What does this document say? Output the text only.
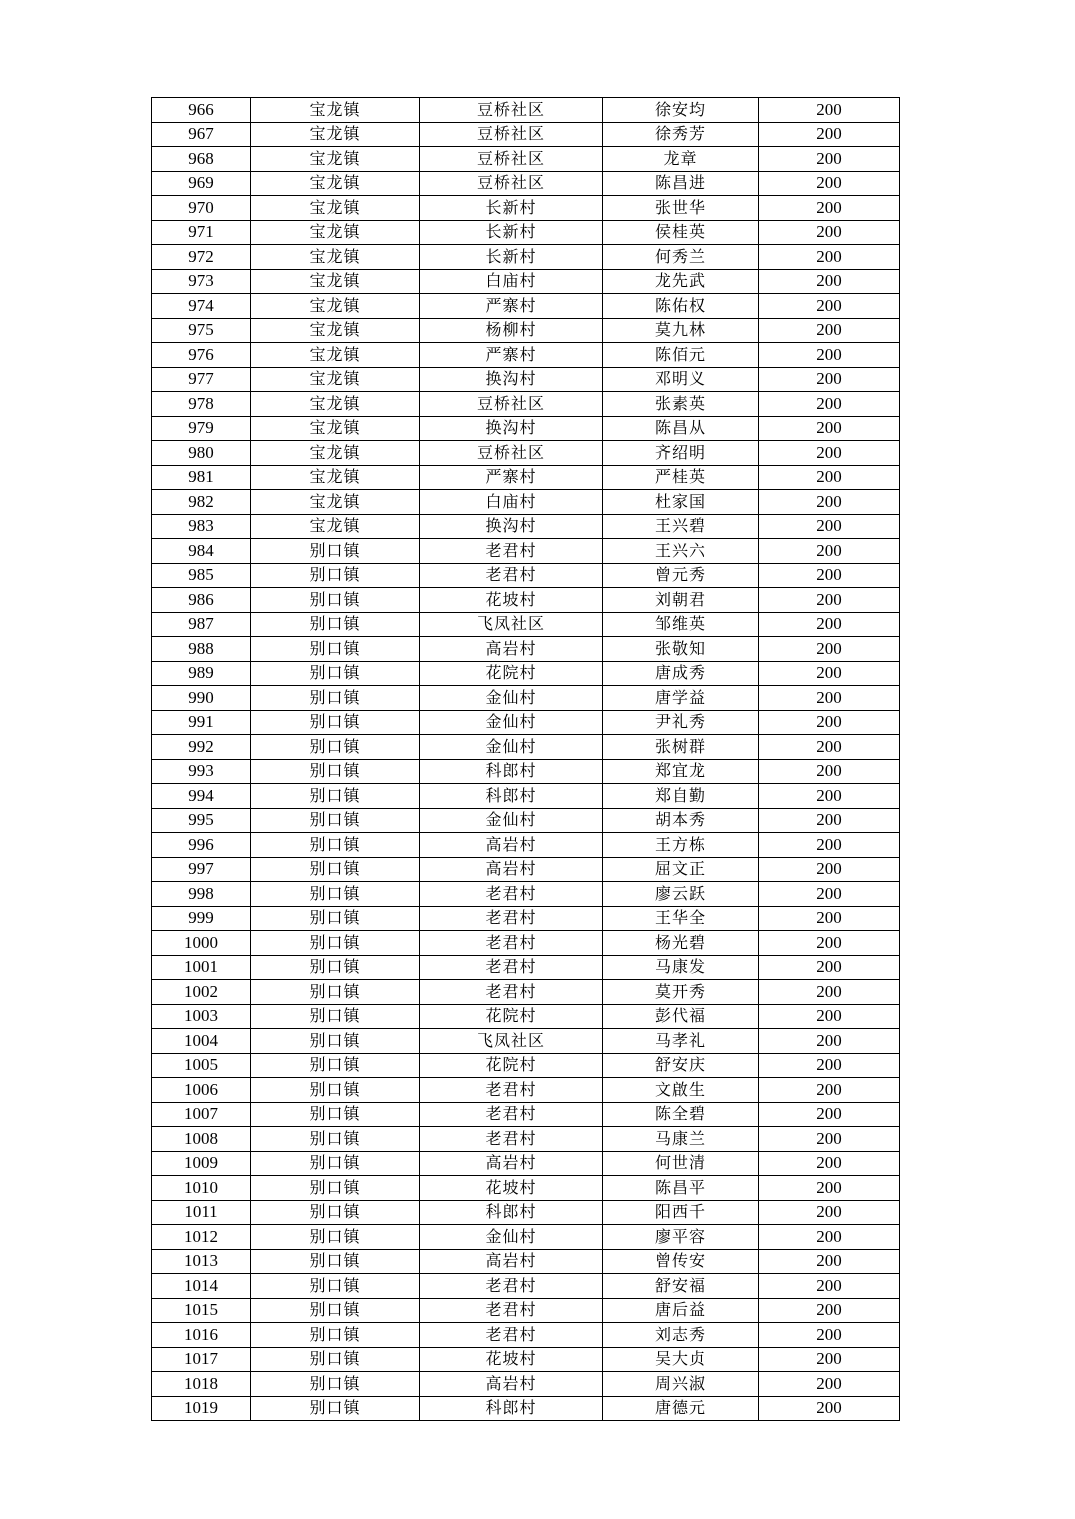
966	宝龙镇	豆桥社区	徐安均	200
967	宝龙镇	豆桥社区	徐秀芳	200
968	宝龙镇	豆桥社区	龙章	200
969	宝龙镇	豆桥社区	陈昌进	200
970	宝龙镇	长新村	张世华	200
971	宝龙镇	长新村	侯桂英	200
972	宝龙镇	长新村	何秀兰	200
973	宝龙镇	白庙村	龙先武	200
974	宝龙镇	严寨村	陈佑权	200
975	宝龙镇	杨柳村	莫九林	200
976	宝龙镇	严寨村	陈佰元	200
977	宝龙镇	换沟村	邓明义	200
978	宝龙镇	豆桥社区	张素英	200
979	宝龙镇	换沟村	陈昌从	200
980	宝龙镇	豆桥社区	齐绍明	200
981	宝龙镇	严寨村	严桂英	200
982	宝龙镇	白庙村	杜家国	200
983	宝龙镇	换沟村	王兴碧	200
984	别口镇	老君村	王兴六	200
985	别口镇	老君村	曾元秀	200
986	别口镇	花坡村	刘朝君	200
987	别口镇	飞凤社区	邹维英	200
988	别口镇	高岩村	张敬知	200
989	别口镇	花院村	唐成秀	200
990	别口镇	金仙村	唐学益	200
991	别口镇	金仙村	尹礼秀	200
992	别口镇	金仙村	张树群	200
993	别口镇	科郎村	郑宜龙	200
994	别口镇	科郎村	郑自勤	200
995	别口镇	金仙村	胡本秀	200
996	别口镇	高岩村	王方栋	200
997	别口镇	高岩村	屈文正	200
998	别口镇	老君村	廖云跃	200
999	别口镇	老君村	王华全	200
1000	别口镇	老君村	杨光碧	200
1001	别口镇	老君村	马康发	200
1002	别口镇	老君村	莫开秀	200
1003	别口镇	花院村	彭代福	200
1004	别口镇	飞凤社区	马孝礼	200
1005	别口镇	花院村	舒安庆	200
1006	别口镇	老君村	文啟生	200
1007	别口镇	老君村	陈全碧	200
1008	别口镇	老君村	马康兰	200
1009	别口镇	高岩村	何世清	200
1010	别口镇	花坡村	陈昌平	200
1011	别口镇	科郎村	阳西千	200
1012	别口镇	金仙村	廖平容	200
1013	别口镇	高岩村	曾传安	200
1014	别口镇	老君村	舒安福	200
1015	别口镇	老君村	唐后益	200
1016	别口镇	老君村	刘志秀	200
1017	别口镇	花坡村	吴大贞	200
1018	别口镇	高岩村	周兴淑	200
1019	别口镇	科郎村	唐德元	200
